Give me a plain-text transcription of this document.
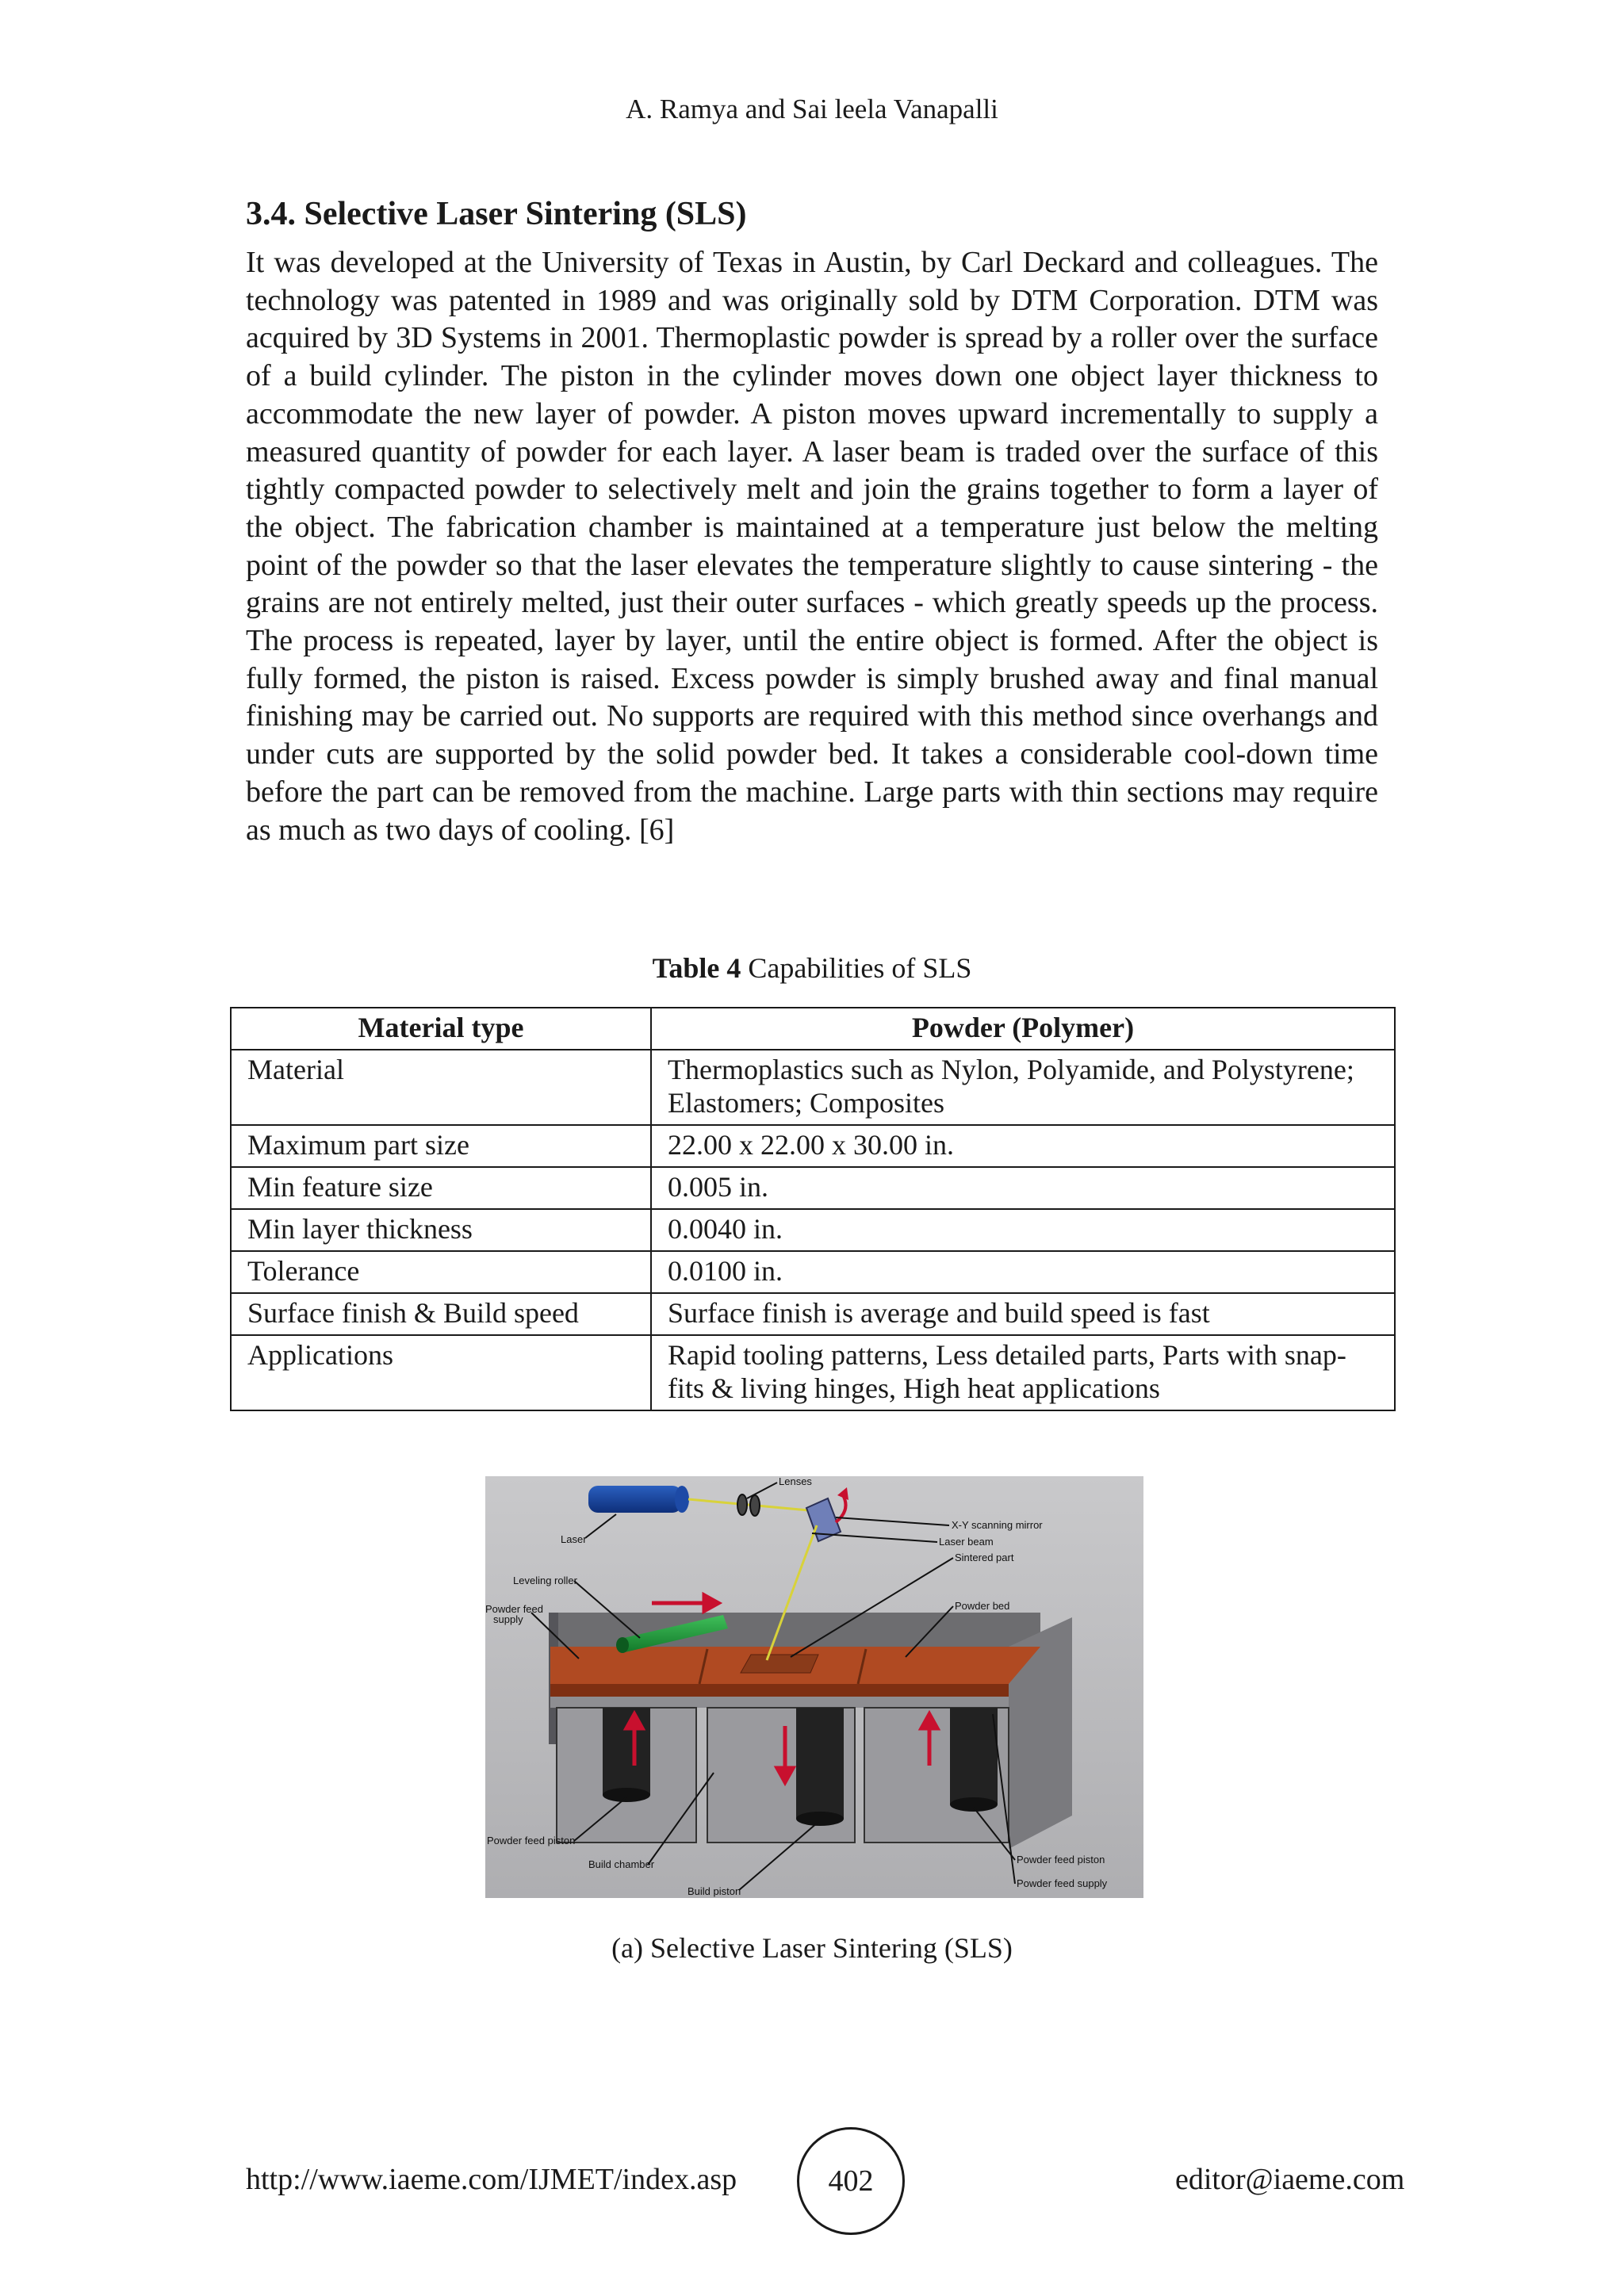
A. Ramya and Sai leela Vanapalli
3.4. Selective Laser Sintering (SLS)
It was developed at the University of Texas in Austin, by Carl Deckard and colleagues. The technology was patented in 1989 and was originally sold by DTM Corporation. DTM was acquired by 3D Systems in 2001. Thermoplastic powder is spread by a roller over the surface of a build cylinder. The piston in the cylinder moves down one object layer thickness to accommodate the new layer of powder. A piston moves upward incrementally to supply a measured quantity of powder for each layer. A laser beam is traded over the surface of this tightly compacted powder to selectively melt and join the grains together to form a layer of the object. The fabrication chamber is maintained at a temperature just below the melting point of the powder so that the laser elevates the temperature slightly to cause sintering - the grains are not entirely melted, just their outer surfaces - which greatly speeds up the process. The process is repeated, layer by layer, until the entire object is formed. After the object is fully formed, the piston is raised. Excess powder is simply brushed away and final manual finishing may be carried out. No supports are required with this method since overhangs and under cuts are supported by the solid powder bed. It takes a considerable cool-down time before the part can be removed from the machine. Large parts with thin sections may require as much as two days of cooling. [6]
Table 4 Capabilities of SLS
Material type	Powder (Polymer)
Material	Thermoplastics such as Nylon, Polyamide, and Polystyrene; Elastomers; Composites
Maximum part size	22.00 x 22.00 x 30.00 in.
Min feature size	0.005 in.
Min layer thickness	0.0040 in.
Tolerance	0.0100 in.
Surface finish & Build speed	Surface finish is average and build speed is fast
Applications	Rapid tooling patterns, Less detailed parts, Parts with snap-fits & living hinges, High heat applications
Lenses
Laser
X-Y scanning mirror
Laser beam
Sintered part
Leveling roller
Powder feed
supply
Powder bed
Powder feed piston
Build chamber
Build piston
Powder feed piston
Powder feed supply
(a) Selective Laser Sintering (SLS)
http://www.iaeme.com/IJMET/index.asp	402	editor@iaeme.com
